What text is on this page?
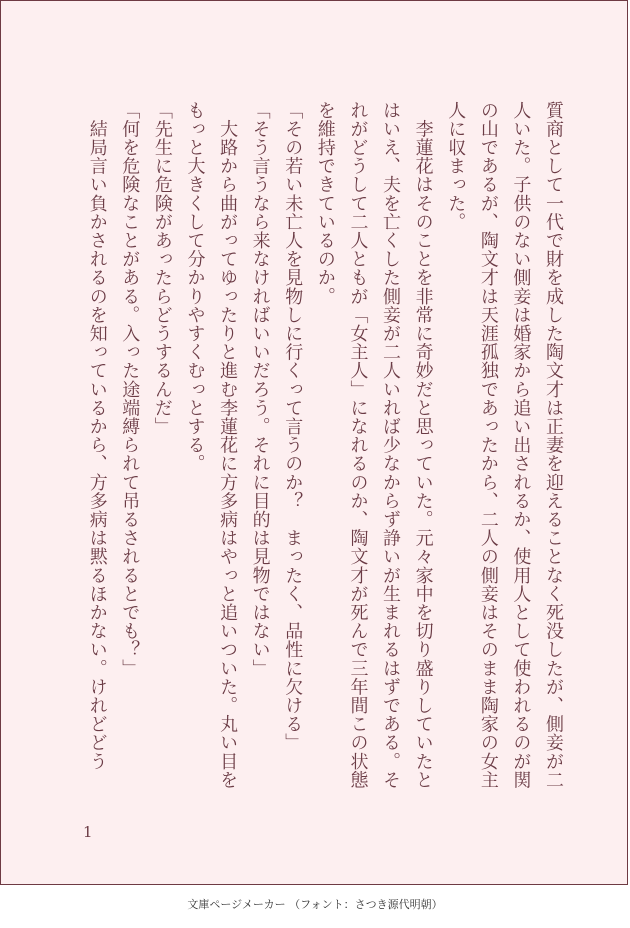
質商として一代で財を成した陶文才は正妻を迎えることなく死没したが、側妾が二人いた。子供のない側妾は婚家から追い出されるか、使用人として使われるのが関の山であるが、陶文才は天涯孤独であったから、二人の側妾はそのまま陶家の女主人に収まった。

　李蓮花はそのことを非常に奇妙だと思っていた。元々家中を切り盛りしていたとはいえ、夫を亡くした側妾が二人いれば少なからず諍いが生まれるはずである。それがどうして二人ともが「女主人」になれるのか、陶文才が死んで三年間この状態を維持できているのか。

「その若い未亡人を見物しに行くって言うのか？　まったく、品性に欠ける」

「そう言うなら来なければいいだろう。それに目的は見物ではない」

　大路から曲がってゆったりと進む李蓮花に方多病はやっと追いついた。丸い目をもっと大きくして分かりやすくむっとする。

「先生に危険があったらどうするんだ」

「何を危険なことがある。入った途端縛られて吊るされるとでも？」

　結局言い負かされるのを知っているから、方多病は黙るほかない。けれどどう

1
文庫ページメーカー （フォント：さつき源代明朝）
